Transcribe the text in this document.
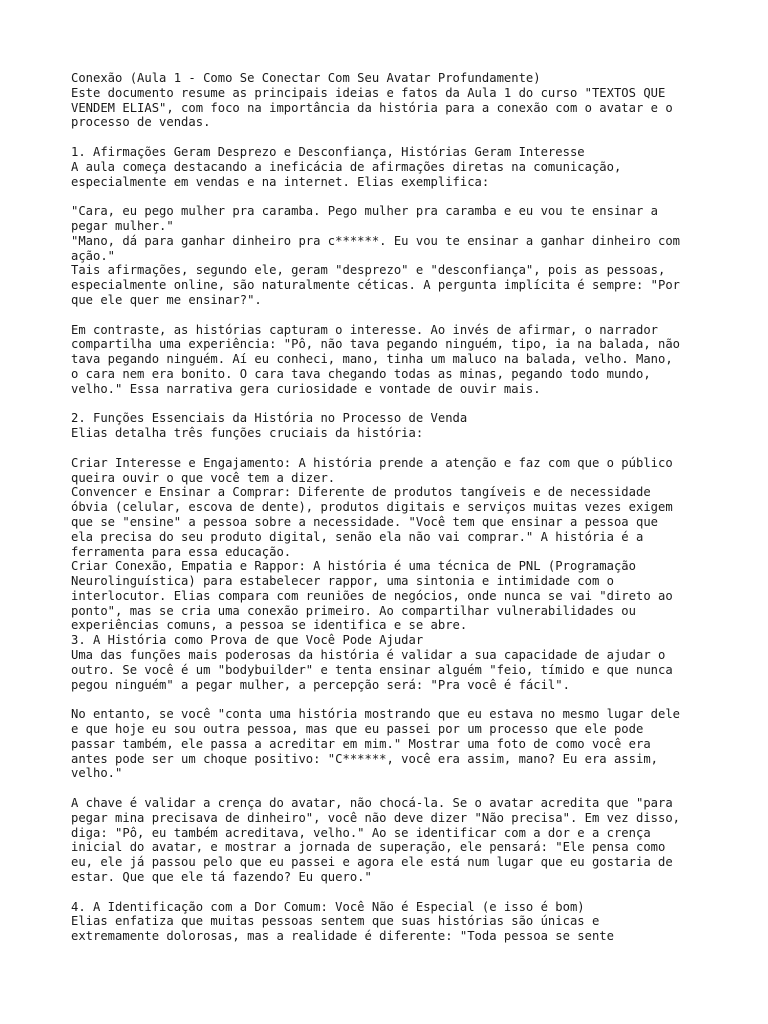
Conexão (Aula 1 - Como Se Conectar Com Seu Avatar Profundamente)
Este documento resume as principais ideias e fatos da Aula 1 do curso "TEXTOS QUE
VENDEM ELIAS", com foco na importância da história para a conexão com o avatar e o
processo de vendas.

1. Afirmações Geram Desprezo e Desconfiança, Histórias Geram Interesse
A aula começa destacando a ineficácia de afirmações diretas na comunicação,
especialmente em vendas e na internet. Elias exemplifica:

"Cara, eu pego mulher pra caramba. Pego mulher pra caramba e eu vou te ensinar a
pegar mulher."
"Mano, dá para ganhar dinheiro pra c******. Eu vou te ensinar a ganhar dinheiro com
ação."
Tais afirmações, segundo ele, geram "desprezo" e "desconfiança", pois as pessoas,
especialmente online, são naturalmente céticas. A pergunta implícita é sempre: "Por
que ele quer me ensinar?".

Em contraste, as histórias capturam o interesse. Ao invés de afirmar, o narrador
compartilha uma experiência: "Pô, não tava pegando ninguém, tipo, ia na balada, não
tava pegando ninguém. Aí eu conheci, mano, tinha um maluco na balada, velho. Mano,
o cara nem era bonito. O cara tava chegando todas as minas, pegando todo mundo,
velho." Essa narrativa gera curiosidade e vontade de ouvir mais.

2. Funções Essenciais da História no Processo de Venda
Elias detalha três funções cruciais da história:

Criar Interesse e Engajamento: A história prende a atenção e faz com que o público
queira ouvir o que você tem a dizer.
Convencer e Ensinar a Comprar: Diferente de produtos tangíveis e de necessidade
óbvia (celular, escova de dente), produtos digitais e serviços muitas vezes exigem
que se "ensine" a pessoa sobre a necessidade. "Você tem que ensinar a pessoa que
ela precisa do seu produto digital, senão ela não vai comprar." A história é a
ferramenta para essa educação.
Criar Conexão, Empatia e Rappor: A história é uma técnica de PNL (Programação
Neurolinguística) para estabelecer rappor, uma sintonia e intimidade com o
interlocutor. Elias compara com reuniões de negócios, onde nunca se vai "direto ao
ponto", mas se cria uma conexão primeiro. Ao compartilhar vulnerabilidades ou
experiências comuns, a pessoa se identifica e se abre.
3. A História como Prova de que Você Pode Ajudar
Uma das funções mais poderosas da história é validar a sua capacidade de ajudar o
outro. Se você é um "bodybuilder" e tenta ensinar alguém "feio, tímido e que nunca
pegou ninguém" a pegar mulher, a percepção será: "Pra você é fácil".

No entanto, se você "conta uma história mostrando que eu estava no mesmo lugar dele
e que hoje eu sou outra pessoa, mas que eu passei por um processo que ele pode
passar também, ele passa a acreditar em mim." Mostrar uma foto de como você era
antes pode ser um choque positivo: "C******, você era assim, mano? Eu era assim,
velho."

A chave é validar a crença do avatar, não chocá-la. Se o avatar acredita que "para
pegar mina precisava de dinheiro", você não deve dizer "Não precisa". Em vez disso,
diga: "Pô, eu também acreditava, velho." Ao se identificar com a dor e a crença
inicial do avatar, e mostrar a jornada de superação, ele pensará: "Ele pensa como
eu, ele já passou pelo que eu passei e agora ele está num lugar que eu gostaria de
estar. Que que ele tá fazendo? Eu quero."

4. A Identificação com a Dor Comum: Você Não é Especial (e isso é bom)
Elias enfatiza que muitas pessoas sentem que suas histórias são únicas e
extremamente dolorosas, mas a realidade é diferente: "Toda pessoa se sente
